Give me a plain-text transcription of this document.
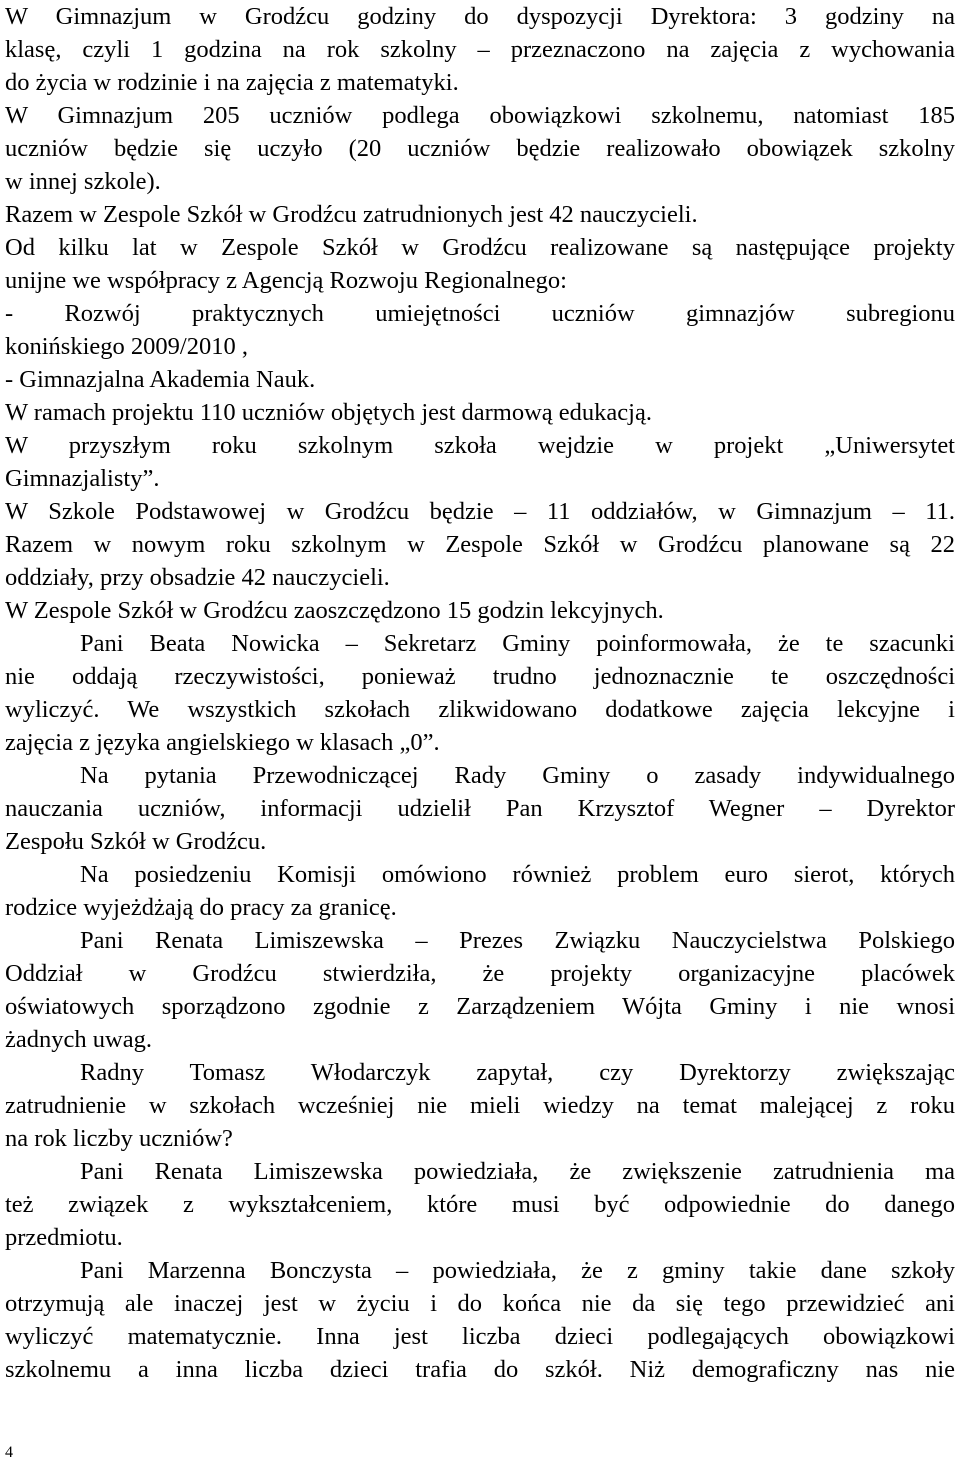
W Gimnazjum w Grodźcu godziny do dyspozycji Dyrektora: 3 godziny na
klasę, czyli 1 godzina na rok szkolny – przeznaczono na zajęcia z wychowania
do życia w rodzinie i na zajęcia z matematyki.
W Gimnazjum 205 uczniów podlega obowiązkowi szkolnemu, natomiast 185
uczniów będzie się uczyło (20 uczniów będzie realizowało obowiązek szkolny
w innej szkole).
Razem w Zespole Szkół w Grodźcu zatrudnionych jest 42 nauczycieli.
Od kilku lat w Zespole Szkół w Grodźcu realizowane są następujące projekty
unijne we współpracy z Agencją Rozwoju Regionalnego:
- Rozwój praktycznych umiejętności uczniów gimnazjów subregionu
konińskiego 2009/2010 ,
- Gimnazjalna Akademia Nauk.
W ramach projektu 110 uczniów objętych jest darmową edukacją.
W przyszłym roku szkolnym szkoła wejdzie w projekt „Uniwersytet
Gimnazjalisty”.
W Szkole Podstawowej w Grodźcu będzie – 11 oddziałów, w Gimnazjum – 11.
Razem w nowym roku szkolnym w Zespole Szkół w Grodźcu planowane są 22
oddziały, przy obsadzie 42 nauczycieli.
W Zespole Szkół w Grodźcu zaoszczędzono 15 godzin lekcyjnych.
Pani Beata Nowicka – Sekretarz Gminy poinformowała, że te szacunki
nie oddają rzeczywistości, ponieważ trudno jednoznacznie te oszczędności
wyliczyć. We wszystkich szkołach zlikwidowano dodatkowe zajęcia lekcyjne i
zajęcia z języka angielskiego w klasach „0”.
Na pytania Przewodniczącej Rady Gminy o zasady indywidualnego
nauczania uczniów, informacji udzielił Pan Krzysztof Wegner – Dyrektor
Zespołu Szkół w Grodźcu.
Na posiedzeniu Komisji omówiono również problem euro sierot, których
rodzice wyjeżdżają do pracy za granicę.
Pani Renata Limiszewska – Prezes Związku Nauczycielstwa Polskiego
Oddział w Grodźcu stwierdziła, że projekty organizacyjne placówek
oświatowych sporządzono zgodnie z Zarządzeniem Wójta Gminy i nie wnosi
żadnych uwag.
Radny Tomasz Włodarczyk zapytał, czy Dyrektorzy zwiększając
zatrudnienie w szkołach wcześniej nie mieli wiedzy na temat malejącej z roku
na rok liczby uczniów?
Pani Renata Limiszewska powiedziała, że zwiększenie zatrudnienia ma
też związek z wykształceniem, które musi być odpowiednie do danego
przedmiotu.
Pani Marzenna Bonczysta – powiedziała, że z gminy takie dane szkoły
otrzymują ale inaczej jest w życiu i do końca nie da się tego przewidzieć ani
wyliczyć matematycznie. Inna jest liczba dzieci podlegających obowiązkowi
szkolnemu a inna liczba dzieci trafia do szkół. Niż demograficzny nas nie
4
